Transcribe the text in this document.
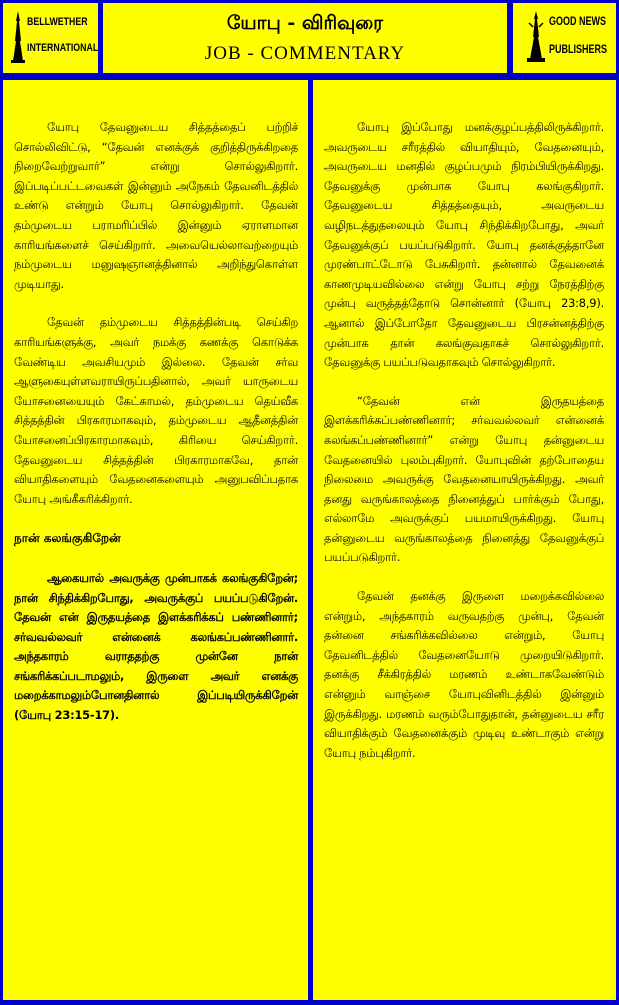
BELLWETHER
INTERNATIONAL
யோபு - விரிவுரை
JOB - COMMENTARY
GOOD NEWS
PUBLISHERS

யோபு தேவனுடைய சித்தத்தைப் பற்றிச் சொல்லிவிட்டு, “தேவன் எனக்குக் குறித்திருக்கிறதை நிறைவேற்றுவார்” என்று சொல்லுகிறார். இப்படிப்பட்டவைகள் இன்னும் அநேகம் தேவனிடத்தில் உண்டு என்றும் யோபு சொல்லுகிறார். தேவன் தம்முடைய பராமரிப்பில் இன்னும் ஏராளமான காரியங்களைச் செய்கிறார். அவையெல்லாவற்றையும் நம்முடைய மனுஷஞானத்தினால் அறிந்துகொள்ள முடியாது.

தேவன் தம்முடைய சித்தத்தின்படி செய்கிற காரியங்களுக்கு, அவர் நமக்கு கணக்கு கொடுக்க வேண்டிய அவசியமும் இல்லை. தேவன் சர்வ ஆளுகையுள்ளவராயிருப்பதினால், அவர் யாருடைய யோசனையையும் கேட்காமல், தம்முடைய தெய்வீக சித்தத்தின் பிரகாரமாகவும், தம்முடைய ஆதீனத்தின் யோசனைப்பிரகாரமாகவும், கிரியை செய்கிறார். தேவனுடைய சித்தத்தின் பிரகாரமாகவே, தான் வியாதிகளையும் வேதனைகளையும் அனுபவிப்பதாக யோபு அங்கீகரிக்கிறார்.

நான் கலங்குகிறேன்

ஆகையால் அவருக்கு முன்பாகக் கலங்குகிறேன்; நான் சிந்திக்கிறபோது, அவருக்குப் பயப்படுகிறேன். தேவன் என் இருதயத்தை இளக்கரிக்கப் பண்ணினார்; சர்வவல்லவர் என்னைக் கலங்கப்பண்ணினார். அந்தகாரம் வராததற்கு முன்னே நான் சங்கரிக்கப்படாமலும், இருளை அவர் எனக்கு மறைக்காமலும்போனதினால் இப்படியிருக்கிறேன் (யோபு 23:15-17).

யோபு இப்போது மனக்குழப்பத்திலிருக்கிறார். அவருடைய சரீரத்தில் வியாதியும், வேதனையும், அவருடைய மனதில் குழப்பமும் நிரம்பியிருக்கிறது. தேவனுக்கு முன்பாக யோபு கலங்குகிறார். தேவனுடைய சித்தத்தையும், அவருடைய வழிநடத்துதலையும் யோபு சிந்திக்கிறபோது, அவர் தேவனுக்குப் பயப்படுகிறார். யோபு தனக்குத்தானே முரண்பாட்டோடு பேசுகிறார். தன்னால் தேவனைக் காணமுடியவில்லை என்று யோபு சற்று நேரத்திற்கு முன்பு வருத்தத்தோடு சொன்னார் (யோபு 23:8,9). ஆனால் இப்போதோ தேவனுடைய பிரசன்னத்திற்கு முன்பாக தான் கலங்குவதாகச் சொல்லுகிறார். தேவனுக்கு பயப்படுவதாகவும் சொல்லுகிறார்.

“தேவன் என் இருதயத்தை இளக்கரிக்கப்பண்ணினார்; சர்வவல்லவர் என்னைக் கலங்கப்பண்ணினார்” என்று யோபு தன்னுடைய வேதனையில் புலம்புகிறார். யோபுவின் தற்போதைய நிலைமை அவருக்கு வேதனையாயிருக்கிறது. அவர் தனது வருங்காலத்தை நினைத்துப் பார்க்கும் போது, எல்லாமே அவருக்குப் பயமாயிருக்கிறது. யோபு தன்னுடைய வருங்காலத்தை நினைத்து தேவனுக்குப் பயப்படுகிறார்.

தேவன் தனக்கு இருளை மறைக்கவில்லை என்றும், அந்தகாரம் வருவதற்கு முன்பு, தேவன் தன்னை சங்கரிக்கவில்லை என்றும், யோபு தேவனிடத்தில் வேதனையோடு முறையிடுகிறார். தனக்கு சீக்கிரத்தில் மரணம் உண்டாகவேண்டும் என்னும் வாஞ்சை யோபுவினிடத்தில் இன்னும் இருக்கிறது. மரணம் வரும்போதுதான், தன்னுடைய சரீர வியாதிக்கும் வேதனைக்கும் முடிவு உண்டாகும் என்று யோபு நம்புகிறார்.
